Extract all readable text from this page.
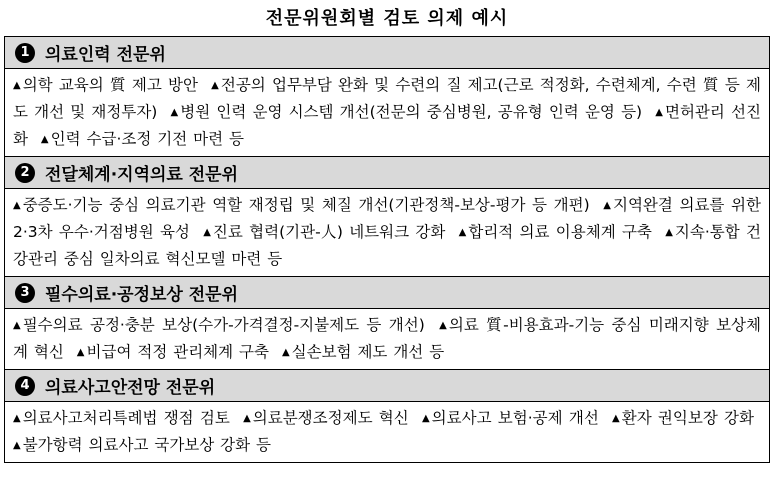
전문위원회별 검토 의제 예시
1 의료인력 전문위
▲ 의학 교육의 質 제고 방안 ▲ 전공의 업무부담 완화 및 수련의 질 제고(근로 적정화, 수련체계, 수련 質 등 제도 개선 및 재정투자) ▲ 병원 인력 운영 시스템 개선(전문의 중심병원, 공유형 인력 운영 등) ▲ 면허관리 선진화 ▲ 인력 수급·조정 기전 마련 등
2 전달체계·지역의료 전문위
▲ 중증도·기능 중심 의료기관 역할 재정립 및 체질 개선(기관정책-보상-평가 등 개편) ▲ 지역완결 의료를 위한 2·3차 우수·거점병원 육성 ▲ 진료 협력(기관-人) 네트워크 강화 ▲ 합리적 의료 이용체계 구축 ▲ 지속·통합 건강관리 중심 일차의료 혁신모델 마련 등
3 필수의료·공정보상 전문위
▲ 필수의료 공정·충분 보상(수가-가격결정-지불제도 등 개선) ▲ 의료 質-비용효과-기능 중심 미래지향 보상체계 혁신 ▲ 비급여 적정 관리체계 구축 ▲ 실손보험 제도 개선 등
4 의료사고안전망 전문위
▲ 의료사고처리특례법 쟁점 검토 ▲ 의료분쟁조정제도 혁신 ▲ 의료사고 보험·공제 개선 ▲ 환자 권익보장 강화 ▲ 불가항력 의료사고 국가보상 강화 등
